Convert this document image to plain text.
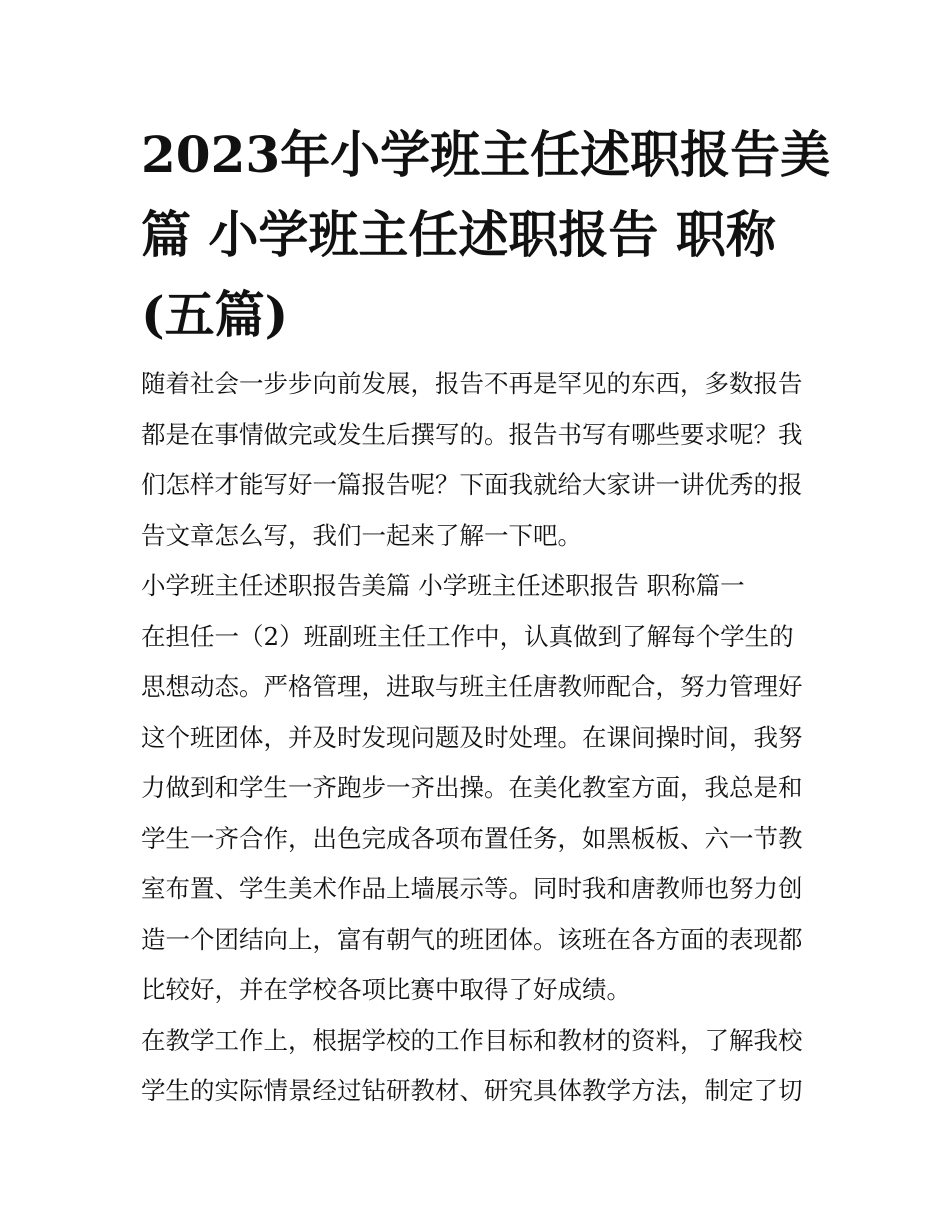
2023年小学班主任述职报告美
篇 小学班主任述职报告 职称
(五篇)

随着社会一步步向前发展，报告不再是罕见的东西，多数报告
都是在事情做完或发生后撰写的。报告书写有哪些要求呢？我
们怎样才能写好一篇报告呢？下面我就给大家讲一讲优秀的报
告文章怎么写，我们一起来了解一下吧。

小学班主任述职报告美篇 小学班主任述职报告 职称篇一

在担任一（2）班副班主任工作中，认真做到了解每个学生的
思想动态。严格管理，进取与班主任唐教师配合，努力管理好
这个班团体，并及时发现问题及时处理。在课间操时间，我努
力做到和学生一齐跑步一齐出操。在美化教室方面，我总是和
学生一齐合作，出色完成各项布置任务，如黑板板、六一节教
室布置、学生美术作品上墙展示等。同时我和唐教师也努力创
造一个团结向上，富有朝气的班团体。该班在各方面的表现都
比较好，并在学校各项比赛中取得了好成绩。

在教学工作上，根据学校的工作目标和教材的资料，了解我校
学生的实际情景经过钻研教材、研究具体教学方法，制定了切
